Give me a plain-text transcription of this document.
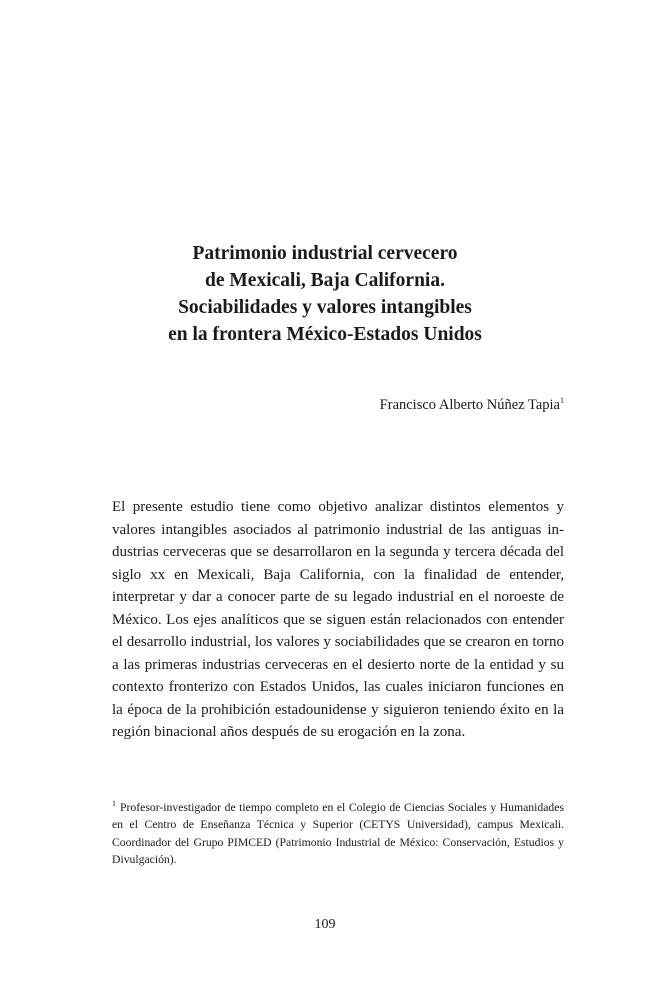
Patrimonio industrial cervecero
de Mexicali, Baja California.
Sociabilidades y valores intangibles
en la frontera México-Estados Unidos
Francisco Alberto Núñez Tapia$^1$

El presente estudio tiene como objetivo analizar distintos elementos y valores intangibles asociados al patrimonio industrial de las antiguas industrias cerveceras que se desarrollaron en la segunda y tercera década del siglo xx en Mexicali, Baja California, con la finalidad de entender, interpretar y dar a conocer parte de su legado industrial en el noroeste de México. Los ejes analíticos que se siguen están relacionados con entender el desarrollo industrial, los valores y sociabilidades que se crearon en torno a las primeras industrias cerveceras en el desierto norte de la entidad y su contexto fronterizo con Estados Unidos, las cuales iniciaron funciones en la época de la prohibición estadounidense y siguieron teniendo éxito en la región binacional años después de su erogación en la zona.

$^1$ Profesor-investigador de tiempo completo en el Colegio de Ciencias Sociales y Humanidades en el Centro de Enseñanza Técnica y Superior (CETYS Universidad), campus Mexicali. Coordinador del Grupo PIMCED (Patrimonio Industrial de México: Conservación, Estudios y Divulgación).
109
